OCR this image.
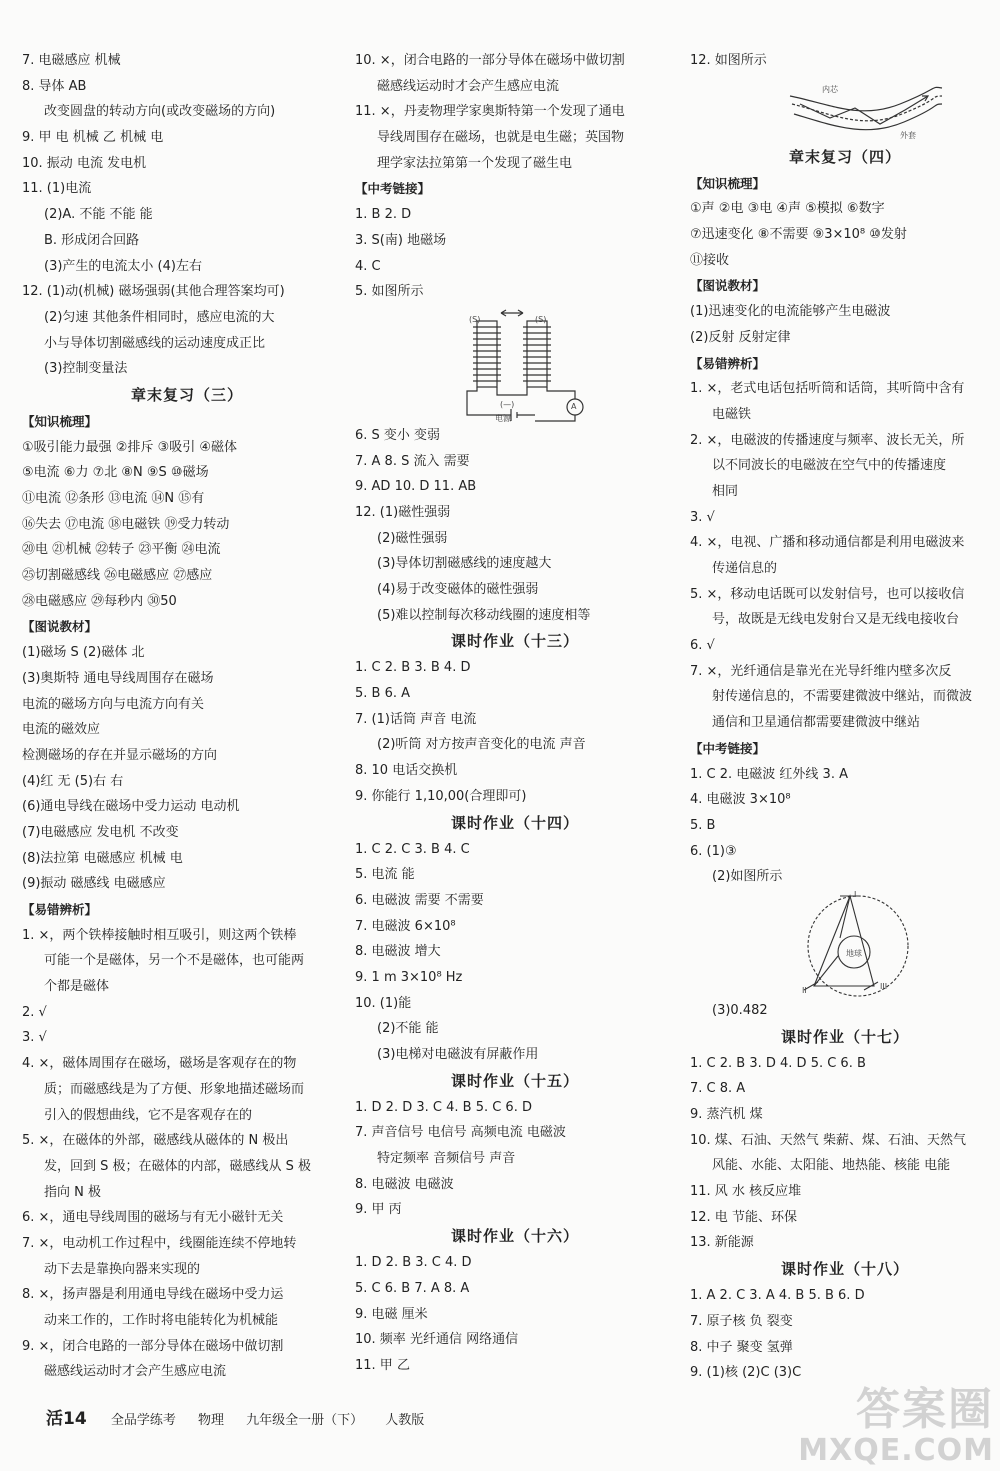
7. 电磁感应 机械
8. 导体 AB
改变圆盘的转动方向(或改变磁场的方向)
9. 甲 电 机械 乙 机械 电
10. 振动 电流 发电机
11. (1)电流
(2)A. 不能 不能 能
B. 形成闭合回路
(3)产生的电流太小 (4)左右
12. (1)动(机械) 磁场强弱(其他合理答案均可)
(2)匀速 其他条件相同时，感应电流的大
小与导体切割磁感线的运动速度成正比
(3)控制变量法
章末复习（三）
【知识梳理】
①吸引能力最强 ②排斥 ③吸引 ④磁体
⑤电流 ⑥力 ⑦北 ⑧N ⑨S ⑩磁场
⑪电流 ⑫条形 ⑬电流 ⑭N ⑮有
⑯失去 ⑰电流 ⑱电磁铁 ⑲受力转动
⑳电 ㉑机械 ㉒转子 ㉓平衡 ㉔电流
㉕切割磁感线 ㉖电磁感应 ㉗感应
㉘电磁感应 ㉙每秒内 ㉚50
【图说教材】
(1)磁场 S (2)磁体 北
(3)奥斯特 通电导线周围存在磁场
电流的磁场方向与电流方向有关
电流的磁效应
检测磁场的存在并显示磁场的方向
(4)红 无 (5)右 右
(6)通电导线在磁场中受力运动 电动机
(7)电磁感应 发电机 不改变
(8)法拉第 电磁感应 机械 电
(9)振动 磁感线 电磁感应
【易错辨析】
1. ×，两个铁棒接触时相互吸引，则这两个铁棒
可能一个是磁体，另一个不是磁体，也可能两
个都是磁体
2. √
3. √
4. ×，磁体周围存在磁场，磁场是客观存在的物
质；而磁感线是为了方便、形象地描述磁场而
引入的假想曲线，它不是客观存在的
5. ×，在磁体的外部，磁感线从磁体的 N 极出
发，回到 S 极；在磁体的内部，磁感线从 S 极
指向 N 极
6. ×，通电导线周围的磁场与有无小磁针无关
7. ×，电动机工作过程中，线圈能连续不停地转
动下去是靠换向器来实现的
8. ×，扬声器是利用通电导线在磁场中受力运
动来工作的，工作时将电能转化为机械能
9. ×，闭合电路的一部分导体在磁场中做切割
磁感线运动时才会产生感应电流
10. ×，闭合电路的一部分导体在磁场中做切割
磁感线运动时才会产生感应电流
11. ×，丹麦物理学家奥斯特第一个发现了通电
导线周围存在磁场，也就是电生磁；英国物
理学家法拉第第一个发现了磁生电
【中考链接】
1. B 2. D
3. S(南) 地磁场
4. C
5. 如图所示
(S)	(S)
A
(—)
电源
6. S 变小 变弱
7. A 8. S 流入 需要
9. AD 10. D 11. AB
12. (1)磁性强弱
(2)磁性强弱
(3)导体切割磁感线的速度越大
(4)易于改变磁体的磁性强弱
(5)难以控制每次移动线圈的速度相等
课时作业（十三）
1. C 2. B 3. B 4. D
5. B 6. A
7. (1)话筒 声音 电流
(2)听筒 对方按声音变化的电流 声音
8. 10 电话交换机
9. 你能行 1,10,00(合理即可)
课时作业（十四）
1. C 2. C 3. B 4. C
5. 电流 能
6. 电磁波 需要 不需要
7. 电磁波 6×10⁸
8. 电磁波 增大
9. 1 m 3×10⁸ Hz
10. (1)能
(2)不能 能
(3)电梯对电磁波有屏蔽作用
课时作业（十五）
1. D 2. D 3. C 4. B 5. C 6. D
7. 声音信号 电信号 高频电流 电磁波
特定频率 音频信号 声音
8. 电磁波 电磁波
9. 甲 丙
课时作业（十六）
1. D 2. B 3. C 4. D
5. C 6. B 7. A 8. A
9. 电磁 厘米
10. 频率 光纤通信 网络通信
11. 甲 乙
12. 如图所示
内芯
外套
章末复习（四）
【知识梳理】
①声 ②电 ③电 ④声 ⑤模拟 ⑥数字
⑦迅速变化 ⑧不需要 ⑨3×10⁸ ⑩发射
⑪接收
【图说教材】
(1)迅速变化的电流能够产生电磁波
(2)反射 反射定律
【易错辨析】
1. ×，老式电话包括听筒和话筒，其听筒中含有
电磁铁
2. ×，电磁波的传播速度与频率、波长无关，所
以不同波长的电磁波在空气中的传播速度
相同
3. √
4. ×，电视、广播和移动通信都是利用电磁波来
传递信息的
5. ×，移动电话既可以发射信号，也可以接收信
号，故既是无线电发射台又是无线电接收台
6. √
7. ×，光纤通信是靠光在光导纤维内壁多次反
射传递信息的，不需要建微波中继站，而微波
通信和卫星通信都需要建微波中继站
【中考链接】
1. C 2. 电磁波 红外线 3. A
4. 电磁波 3×10⁸
5. B
6. (1)③
(2)如图所示
I
II	III
地球
(3)0.482
课时作业（十七）
1. C 2. B 3. D 4. D 5. C 6. B
7. C 8. A
9. 蒸汽机 煤
10. 煤、石油、天然气 柴薪、煤、石油、天然气
风能、水能、太阳能、地热能、核能 电能
11. 风 水 核反应堆
12. 电 节能、环保
13. 新能源
课时作业（十八）
1. A 2. C 3. A 4. B 5. B 6. D
7. 原子核 负 裂变
8. 中子 聚变 氢弹
9. (1)核 (2)C (3)C
活14 全品学练考 物理 九年级全一册（下） 人教版	答案圈
MXQE.COM
